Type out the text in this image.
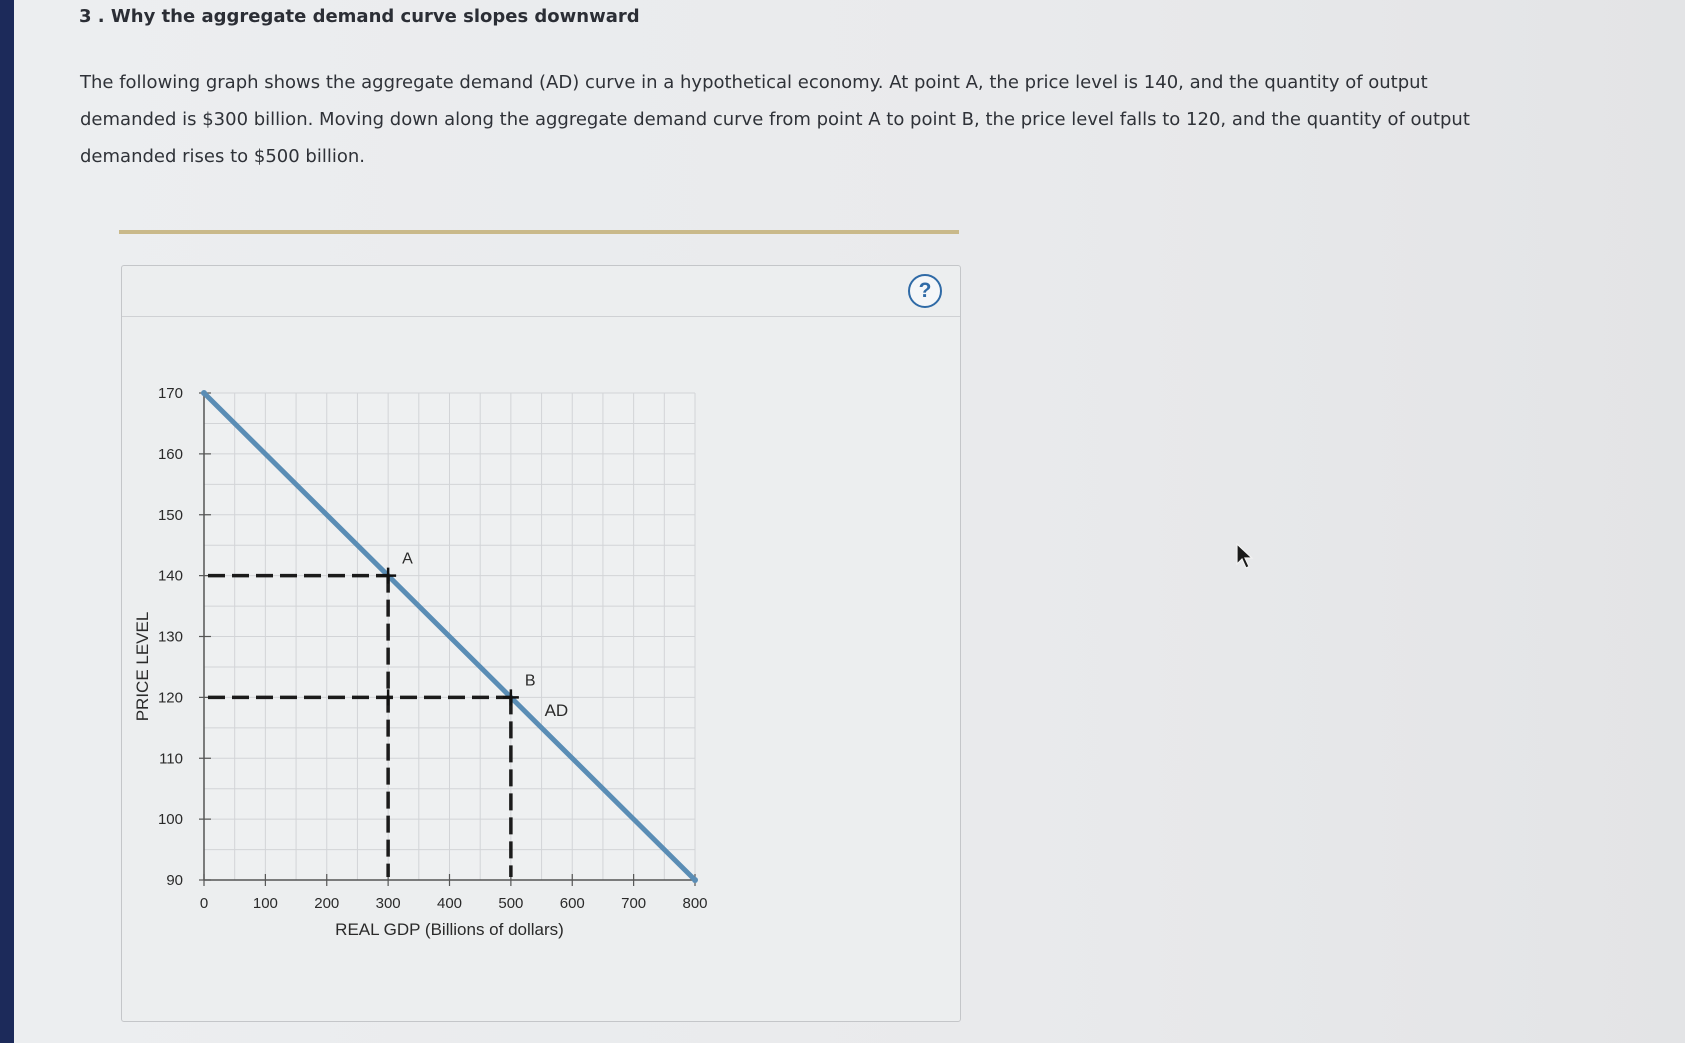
3 . Why the aggregate demand curve slopes downward

The following graph shows the aggregate demand (AD) curve in a hypothetical economy. At point A, the price level is 140, and the quantity of output demanded is $300 billion. Moving down along the aggregate demand curve from point A to point B, the price level falls to 120, and the quantity of output demanded rises to $500 billion.

?
90
100
110
120
130
140
150
160
170
0	100 200 300 400 500 600 700 800
REAL GDP (Billions of dollars)
PRICE LEVEL	AD
A
B
